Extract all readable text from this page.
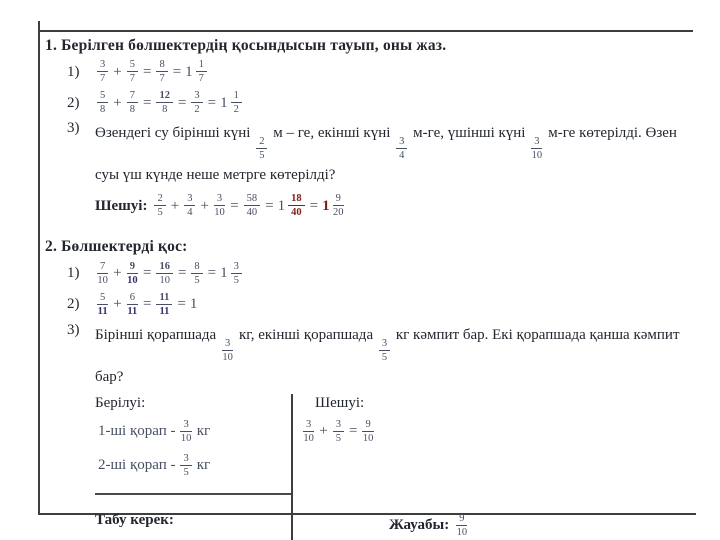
1. Берілген бөлшектердің қосындысын тауып, оны жаз.
1)	$\frac{3}{7} + \frac{5}{7} = \frac{8}{7} = 1 \frac{1}{7}$
2)	$\frac{5}{8} + \frac{7}{8} = \frac{12}{8} = \frac{3}{2} = 1 \frac{1}{2}$
3)	Өзендегі су бірінші күні
$\frac{2}{5}$
м – ге, екінші күні
$\frac{3}{4}$
м-ге, үшінші күні
$\frac{3}{10}$
м-ге көтерілді. Өзен суы үш күнде неше метрге көтерілді?
Шешуі: $\frac{2}{5} + \frac{3}{4} + \frac{3}{10} = \frac{58}{40} = 1 \frac{18}{40} = 1 \frac{9}{20}$
2. Бөлшектерді қос:
1)	$\frac{7}{10} + \frac{9}{10} = \frac{16}{10} = \frac{8}{5} = 1 \frac{3}{5}$
2)	$\frac{5}{11} + \frac{6}{11} = \frac{11}{11} = 1$
3)	Бірінші қорапшада
$\frac{3}{10}$
кг, екінші қорапшада
$\frac{3}{5}$
кг кәмпит бар. Екі қорапшада қанша кәмпит бар?
Берілуі:
1-ші қорап - $\frac{3}{10}$ кг
2-ші қорап - $\frac{3}{5}$ кг
Табу керек:
Шешуі:
$\frac{3}{10} + \frac{3}{5} = \frac{9}{10}$
Жауабы: $\frac{9}{10}$
